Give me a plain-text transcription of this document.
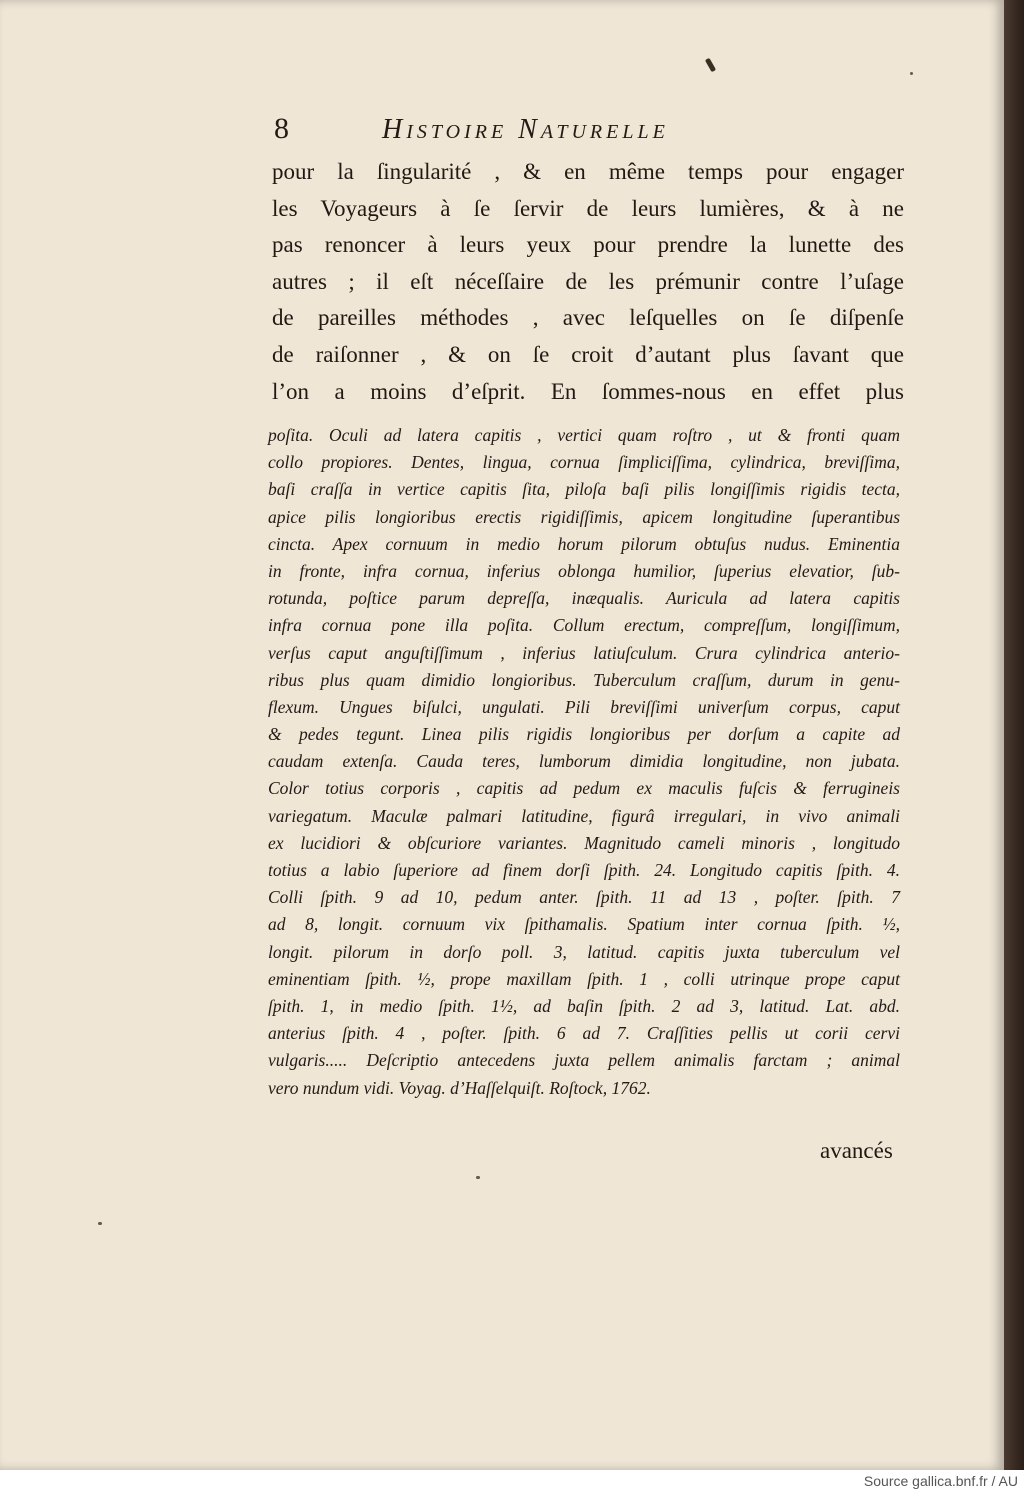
8	Histoire Naturelle
pour la ſingularité , & en même temps pour engager
les Voyageurs à ſe ſervir de leurs lumières, & à ne
pas renoncer à leurs yeux pour prendre la lunette des
autres ; il eſt néceſſaire de les prémunir contre l’uſage
de pareilles méthodes , avec leſquelles on ſe diſpenſe
de raiſonner , & on ſe croit d’autant plus ſavant que
l’on a moins d’eſprit. En ſommes-nous en effet plus
poſita. Oculi ad latera capitis , vertici quam roſtro , ut & fronti quam
collo propiores. Dentes, lingua, cornua ſimpliciſſima, cylindrica, breviſſima,
baſi craſſa in vertice capitis ſita, piloſa baſi pilis longiſſimis rigidis tecta,
apice pilis longioribus erectis rigidiſſimis, apicem longitudine ſuperantibus
cincta. Apex cornuum in medio horum pilorum obtuſus nudus. Eminentia
in fronte, infra cornua, inferius oblonga humilior, ſuperius elevatior, ſub-
rotunda, poſtice parum depreſſa, inæqualis. Auricula ad latera capitis
infra cornua pone illa poſita. Collum erectum, compreſſum, longiſſimum,
verſus caput anguſtiſſimum , inferius latiuſculum. Crura cylindrica anterio-
ribus plus quam dimidio longioribus. Tuberculum craſſum, durum in genu-
flexum. Ungues biſulci, ungulati. Pili breviſſimi univerſum corpus, caput
& pedes tegunt. Linea pilis rigidis longioribus per dorſum a capite ad
caudam extenſa. Cauda teres, lumborum dimidia longitudine, non jubata.
Color totius corporis , capitis ad pedum ex maculis fuſcis & ferrugineis
variegatum. Maculæ palmari latitudine, figurâ irregulari, in vivo animali
ex lucidiori & obſcuriore variantes. Magnitudo cameli minoris , longitudo
totius a labio ſuperiore ad finem dorſi ſpith. 24. Longitudo capitis ſpith. 4.
Colli ſpith. 9 ad 10, pedum anter. ſpith. 11 ad 13 , poſter. ſpith. 7
ad 8, longit. cornuum vix ſpithamalis. Spatium inter cornua ſpith. ½,
longit. pilorum in dorſo poll. 3, latitud. capitis juxta tuberculum vel
eminentiam ſpith. ½, prope maxillam ſpith. 1 , colli utrinque prope caput
ſpith. 1, in medio ſpith. 1½, ad baſin ſpith. 2 ad 3, latitud. Lat. abd.
anterius ſpith. 4 , poſter. ſpith. 6 ad 7. Craſſities pellis ut corii cervi
vulgaris..... Deſcriptio antecedens juxta pellem animalis farctam ; animal
vero nundum vidi. Voyag. d’Haſſelquiſt. Roſtock, 1762.
avancés
Source gallica.bnf.fr / AU
